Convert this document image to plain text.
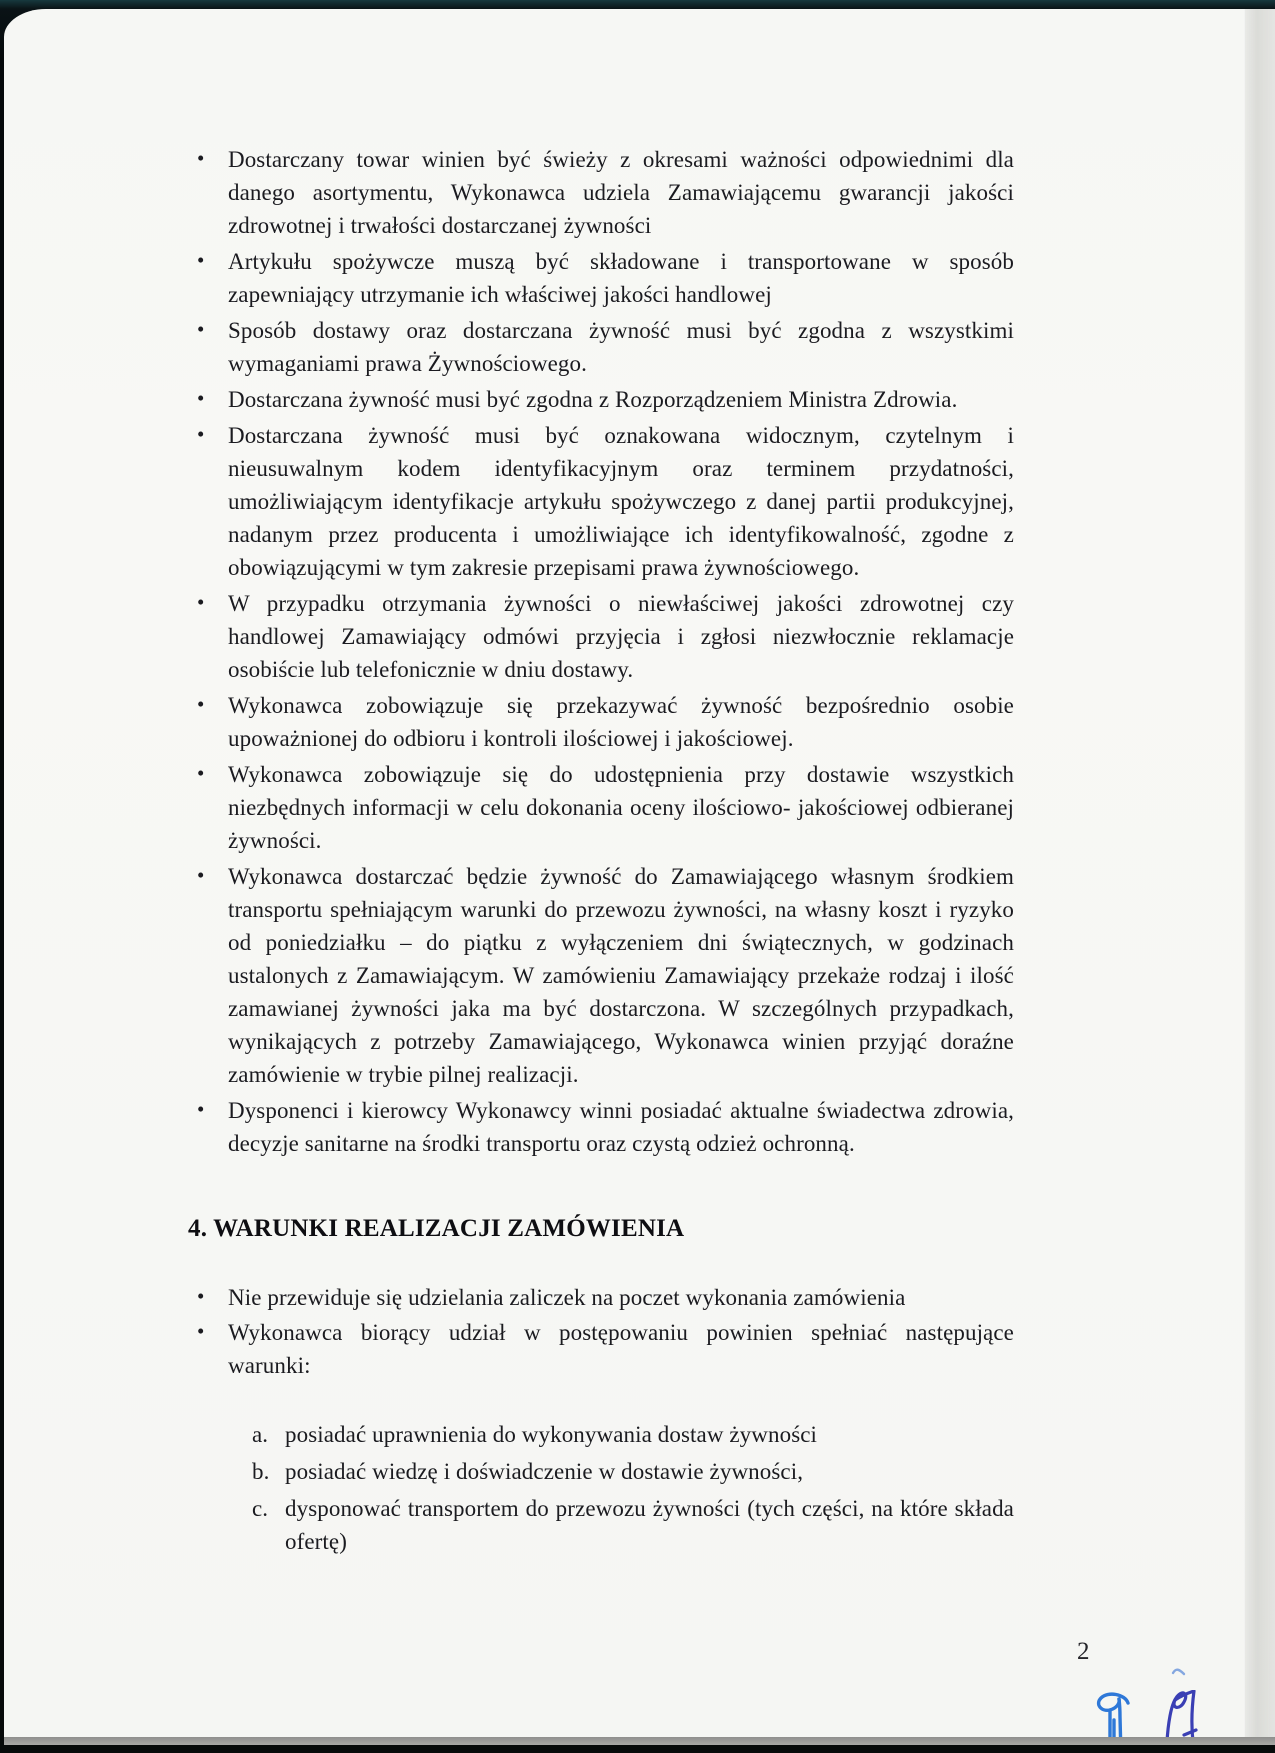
• Dostarczany towar winien być świeży z okresami ważności odpowiednimi dla danego asortymentu, Wykonawca udziela Zamawiającemu gwarancji jakości zdrowotnej i trwałości dostarczanej żywności
• Artykułu spożywcze muszą być składowane i transportowane w sposób zapewniający utrzymanie ich właściwej jakości handlowej
• Sposób dostawy oraz dostarczana żywność musi być zgodna z wszystkimi wymaganiami prawa Żywnościowego.
• Dostarczana żywność musi być zgodna z Rozporządzeniem Ministra Zdrowia.
• Dostarczana żywność musi być oznakowana widocznym, czytelnym i nieusuwalnym kodem identyfikacyjnym oraz terminem przydatności, umożliwiającym identyfikacje artykułu spożywczego z danej partii produkcyjnej, nadanym przez producenta i umożliwiające ich identyfikowalność, zgodne z obowiązującymi w tym zakresie przepisami prawa żywnościowego.
• W przypadku otrzymania żywności o niewłaściwej jakości zdrowotnej czy handlowej Zamawiający odmówi przyjęcia i zgłosi niezwłocznie reklamacje osobiście lub telefonicznie w dniu dostawy.
• Wykonawca zobowiązuje się przekazywać żywność bezpośrednio osobie upoważnionej do odbioru i kontroli ilościowej i jakościowej.
• Wykonawca zobowiązuje się do udostępnienia przy dostawie wszystkich niezbędnych informacji w celu dokonania oceny ilościowo- jakościowej odbieranej żywności.
• Wykonawca dostarczać będzie żywność do Zamawiającego własnym środkiem transportu spełniającym warunki do przewozu żywności, na własny koszt i ryzyko od poniedziałku – do piątku z wyłączeniem dni świątecznych, w godzinach ustalonych z Zamawiającym. W zamówieniu Zamawiający przekaże rodzaj i ilość zamawianej żywności jaka ma być dostarczona. W szczególnych przypadkach, wynikających z potrzeby Zamawiającego, Wykonawca winien przyjąć doraźne zamówienie w trybie pilnej realizacji.
• Dysponenci i kierowcy Wykonawcy winni posiadać aktualne świadectwa zdrowia, decyzje sanitarne na środki transportu oraz czystą odzież ochronną.
4. WARUNKI REALIZACJI ZAMÓWIENIA
• Nie przewiduje się udzielania zaliczek na poczet wykonania zamówienia
• Wykonawca biorący udział w postępowaniu powinien spełniać następujące warunki:
a. posiadać uprawnienia do wykonywania dostaw żywności
b. posiadać wiedzę i doświadczenie w dostawie żywności,
c. dysponować transportem do przewozu żywności (tych części, na które składa ofertę)
2
